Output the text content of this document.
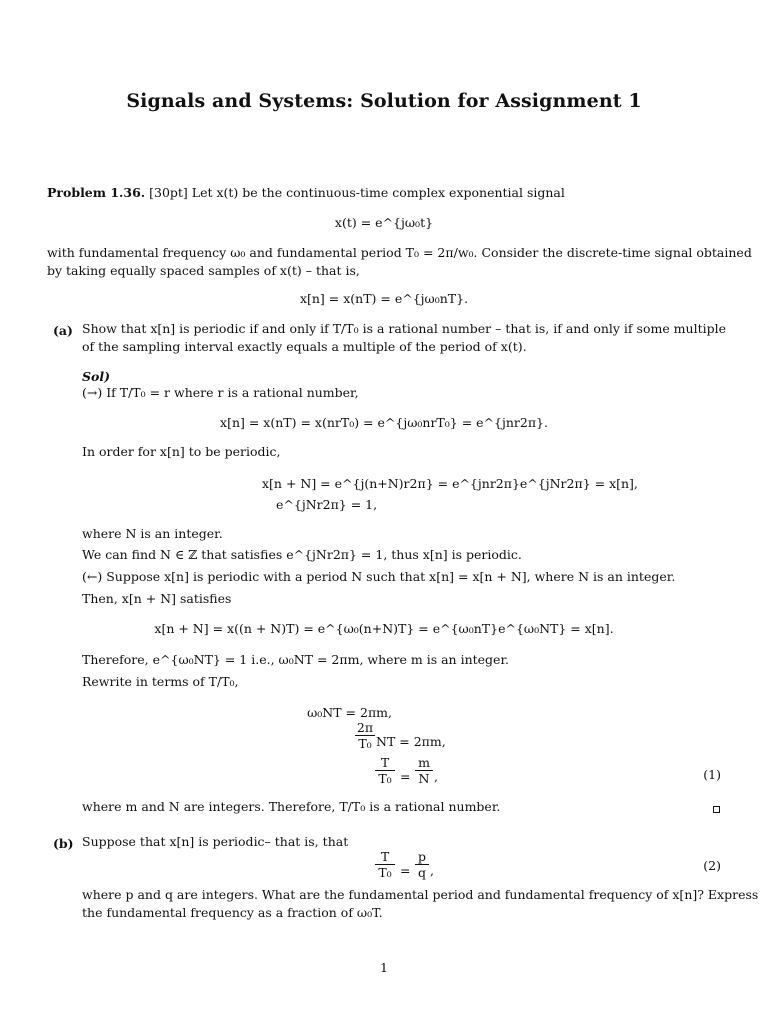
Signals and Systems: Solution for Assignment 1
Problem 1.36. [30pt] Let x(t) be the continuous-time complex exponential signal
x(t) = e^{jω₀t}
with fundamental frequency ω₀ and fundamental period T₀ = 2π/w₀. Consider the discrete-time signal obtained
by taking equally spaced samples of x(t) – that is,
x[n] = x(nT) = e^{jω₀nT}.
(a) Show that x[n] is periodic if and only if T/T₀ is a rational number – that is, if and only if some multiple
of the sampling interval exactly equals a multiple of the period of x(t).
Sol)
(→) If T/T₀ = r where r is a rational number,
x[n] = x(nT) = x(nrT₀) = e^{jω₀nrT₀} = e^{jnr2π}.
In order for x[n] to be periodic,
x[n + N] = e^{j(n+N)r2π} = e^{jnr2π}e^{jNr2π} = x[n],
e^{jNr2π} = 1,
where N is an integer.
We can find N ∈ ℤ that satisfies e^{jNr2π} = 1, thus x[n] is periodic.
(←) Suppose x[n] is periodic with a period N such that x[n] = x[n + N], where N is an integer.
Then, x[n + N] satisfies
x[n + N] = x((n + N)T) = e^{ω₀(n+N)T} = e^{ω₀nT}e^{ω₀NT} = x[n].
Therefore, e^{ω₀NT} = 1 i.e., ω₀NT = 2πm, where m is an integer.
Rewrite in terms of T/T₀,
ω₀NT = 2πm,
2π
T₀ NT = 2πm,
T
T₀ =
m
N ,	(1)
where m and N are integers. Therefore, T/T₀ is a rational number.
(b) Suppose that x[n] is periodic– that is, that
T
T₀ =
p
q ,	(2)
where p and q are integers. What are the fundamental period and fundamental frequency of x[n]? Express
the fundamental frequency as a fraction of ω₀T.
1
